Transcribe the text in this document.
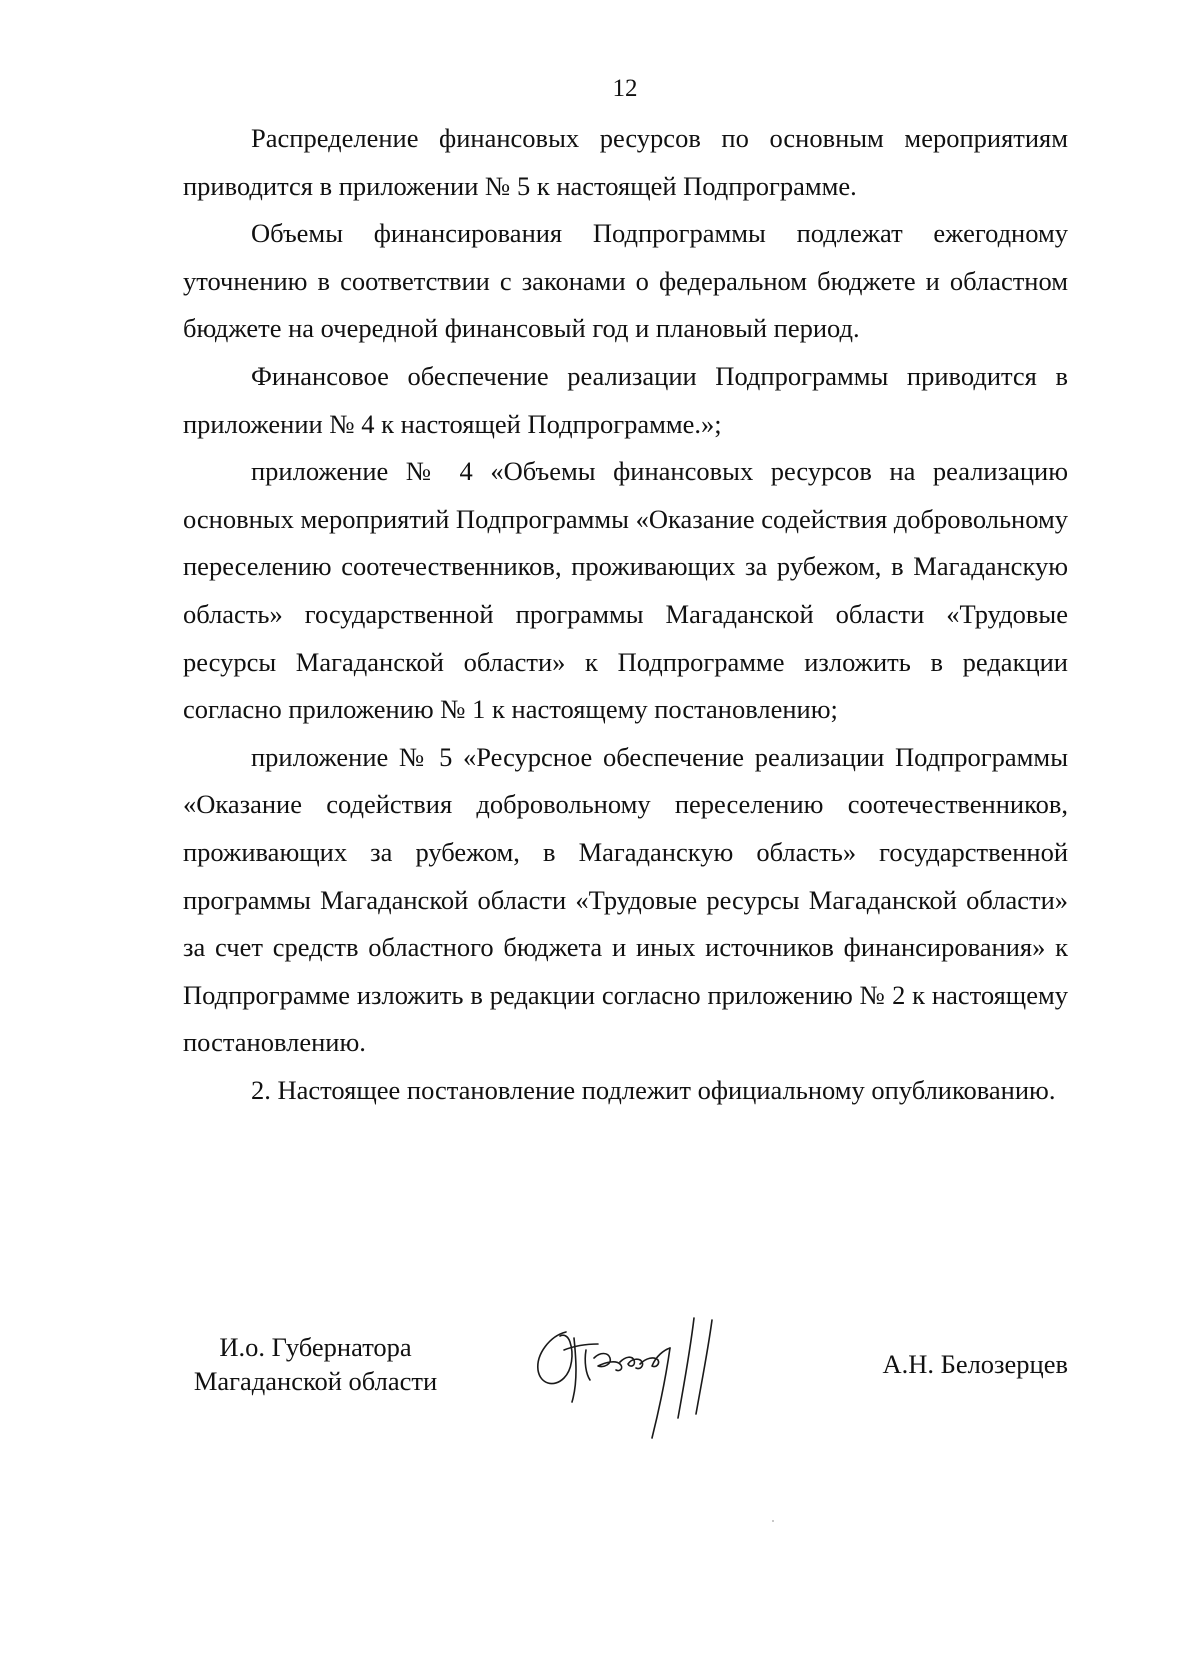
12

Распределение финансовых ресурсов по основным мероприятиям приводится в приложении № 5 к настоящей Подпрограмме.

Объемы финансирования Подпрограммы подлежат ежегодному уточнению в соответствии с законами о федеральном бюджете и областном бюджете на очередной финансовый год и плановый период.

Финансовое обеспечение реализации Подпрограммы приводится в приложении № 4 к настоящей Подпрограмме.»;

приложение № 4 «Объемы финансовых ресурсов на реализацию основных мероприятий Подпрограммы «Оказание содействия добровольному переселению соотечественников, проживающих за рубежом, в Магаданскую область» государственной программы Магаданской области «Трудовые ресурсы Магаданской области» к Подпрограмме изложить в редакции согласно приложению № 1 к настоящему постановлению;

приложение № 5 «Ресурсное обеспечение реализации Подпрограммы «Оказание содействия добровольному переселению соотечественников, проживающих за рубежом, в Магаданскую область» государственной программы Магаданской области «Трудовые ресурсы Магаданской области» за счет средств областного бюджета и иных источников финансирования» к Подпрограмме изложить в редакции согласно приложению № 2 к настоящему постановлению.

2. Настоящее постановление подлежит официальному опубликованию.

И.о. Губернатора
Магаданской области
А.Н. Белозерцев
